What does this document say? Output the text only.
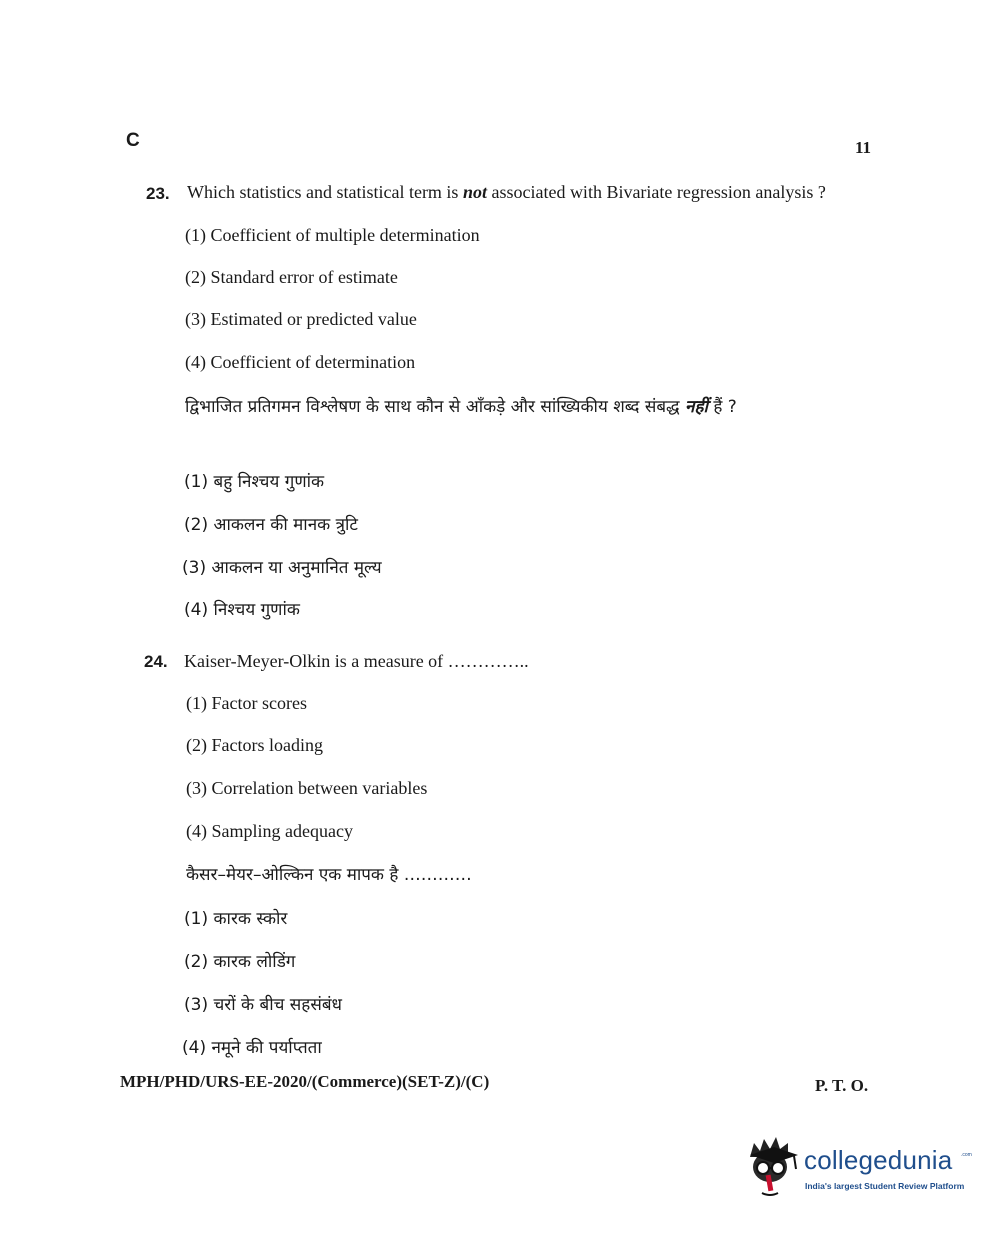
C	11
23. Which statistics and statistical term is not associated with Bivariate regression analysis ?
(1) Coefficient of multiple determination
(2) Standard error of estimate
(3) Estimated or predicted value
(4) Coefficient of determination
द्विभाजित प्रतिगमन विश्लेषण के साथ कौन से आँकड़े और सांख्यिकीय शब्द संबद्ध नहीं हैं ?
(1) बहु निश्चय गुणांक
(2) आकलन की मानक त्रुटि
(3) आकलन या अनुमानित मूल्य
(4) निश्चय गुणांक
24. Kaiser-Meyer-Olkin is a measure of …………..
(1) Factor scores
(2) Factors loading
(3) Correlation between variables
(4) Sampling adequacy
कैसर–मेयर–ओल्किन एक मापक है …………
(1) कारक स्कोर
(2) कारक लोडिंग
(3) चरों के बीच सहसंबंध
(4) नमूने की पर्याप्तता
MPH/PHD/URS-EE-2020/(Commerce)(SET-Z)/(C)	P. T. O.
collegedunia .com
India's largest Student Review Platform
